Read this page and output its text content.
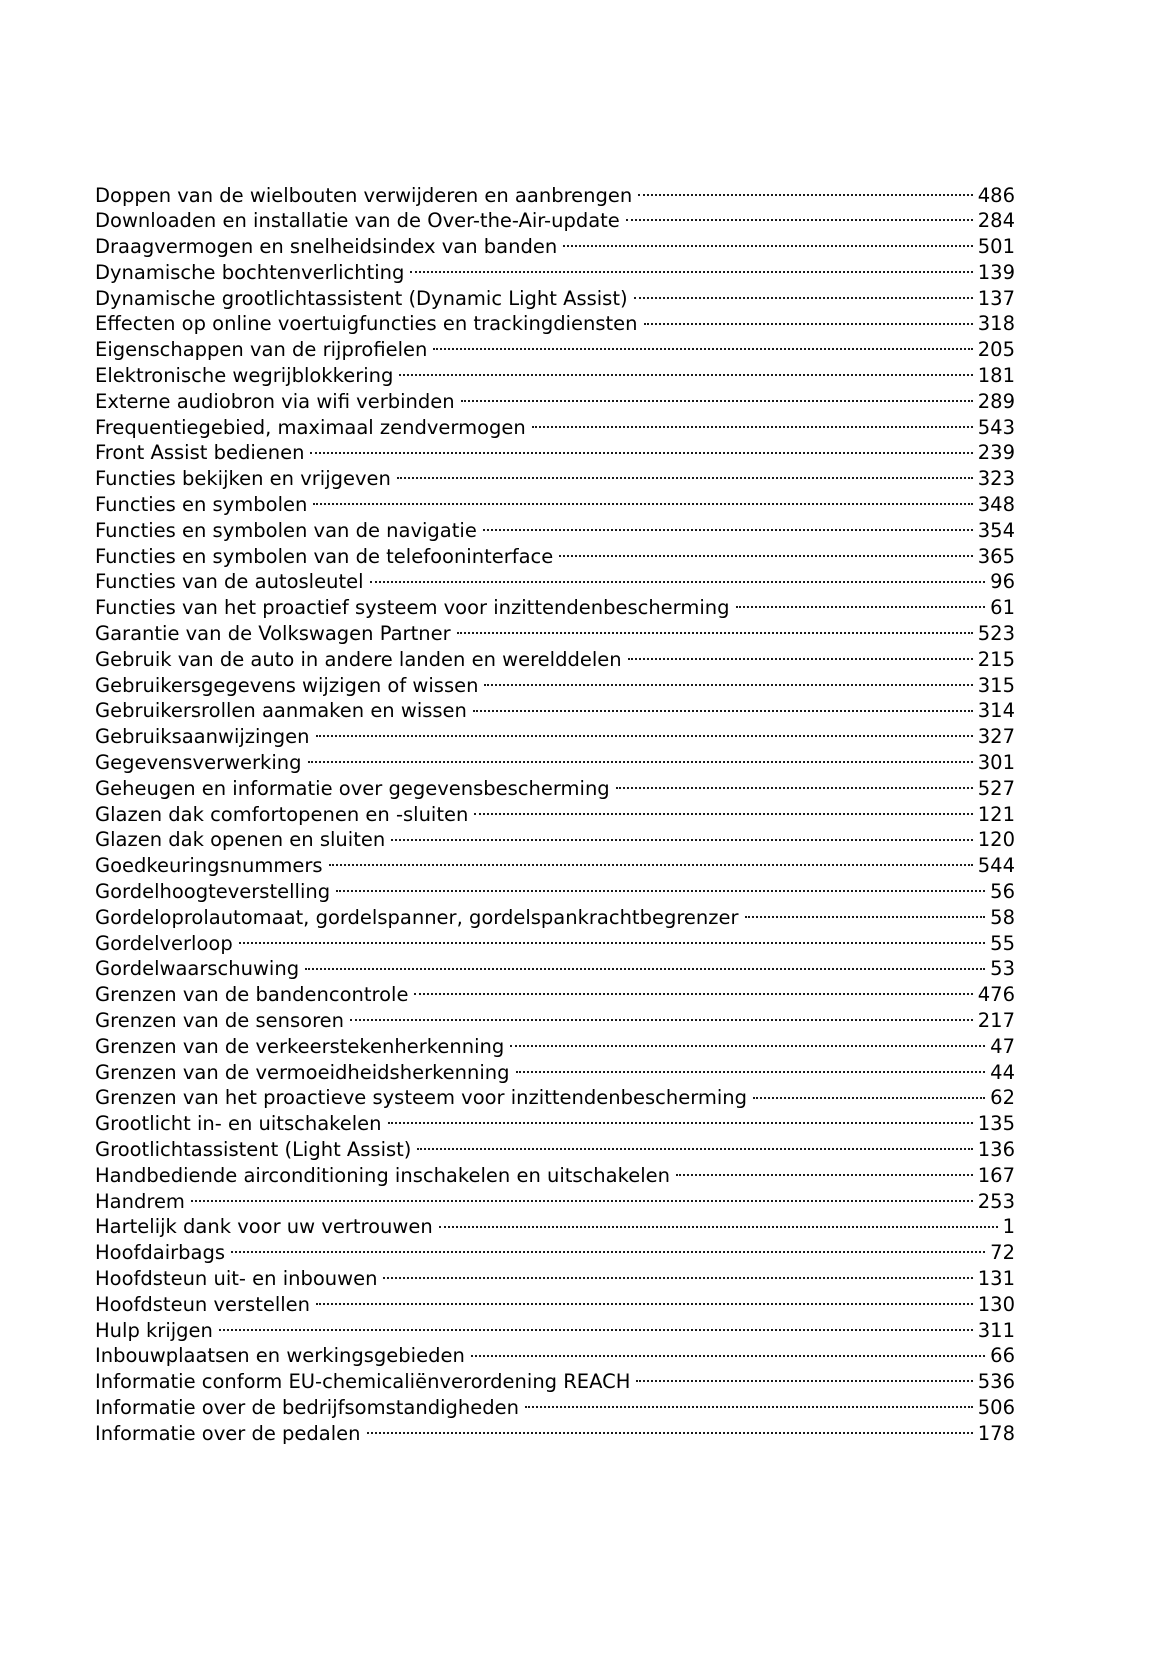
Doppen van de wielbouten verwijderen en aanbrengen	486
Downloaden en installatie van de Over-the-Air-update	284
Draagvermogen en snelheidsindex van banden	501
Dynamische bochtenverlichting	139
Dynamische grootlichtassistent (Dynamic Light Assist)	137
Effecten op online voertuigfuncties en trackingdiensten	318
Eigenschappen van de rijprofielen	205
Elektronische wegrijblokkering	181
Externe audiobron via wifi verbinden	289
Frequentiegebied, maximaal zendvermogen	543
Front Assist bedienen	239
Functies bekijken en vrijgeven	323
Functies en symbolen	348
Functies en symbolen van de navigatie	354
Functies en symbolen van de telefooninterface	365
Functies van de autosleutel	96
Functies van het proactief systeem voor inzittendenbescherming	61
Garantie van de Volkswagen Partner	523
Gebruik van de auto in andere landen en werelddelen	215
Gebruikersgegevens wijzigen of wissen	315
Gebruikersrollen aanmaken en wissen	314
Gebruiksaanwijzingen	327
Gegevensverwerking	301
Geheugen en informatie over gegevensbescherming	527
Glazen dak comfortopenen en -sluiten	121
Glazen dak openen en sluiten	120
Goedkeuringsnummers	544
Gordelhoogteverstelling	56
Gordeloprolautomaat, gordelspanner, gordelspankrachtbegrenzer	58
Gordelverloop	55
Gordelwaarschuwing	53
Grenzen van de bandencontrole	476
Grenzen van de sensoren	217
Grenzen van de verkeerstekenherkenning	47
Grenzen van de vermoeidheidsherkenning	44
Grenzen van het proactieve systeem voor inzittendenbescherming	62
Grootlicht in- en uitschakelen	135
Grootlichtassistent (Light Assist)	136
Handbediende airconditioning inschakelen en uitschakelen	167
Handrem	253
Hartelijk dank voor uw vertrouwen	1
Hoofdairbags	72
Hoofdsteun uit- en inbouwen	131
Hoofdsteun verstellen	130
Hulp krijgen	311
Inbouwplaatsen en werkingsgebieden	66
Informatie conform EU-chemicaliënverordening REACH	536
Informatie over de bedrijfsomstandigheden	506
Informatie over de pedalen	178
